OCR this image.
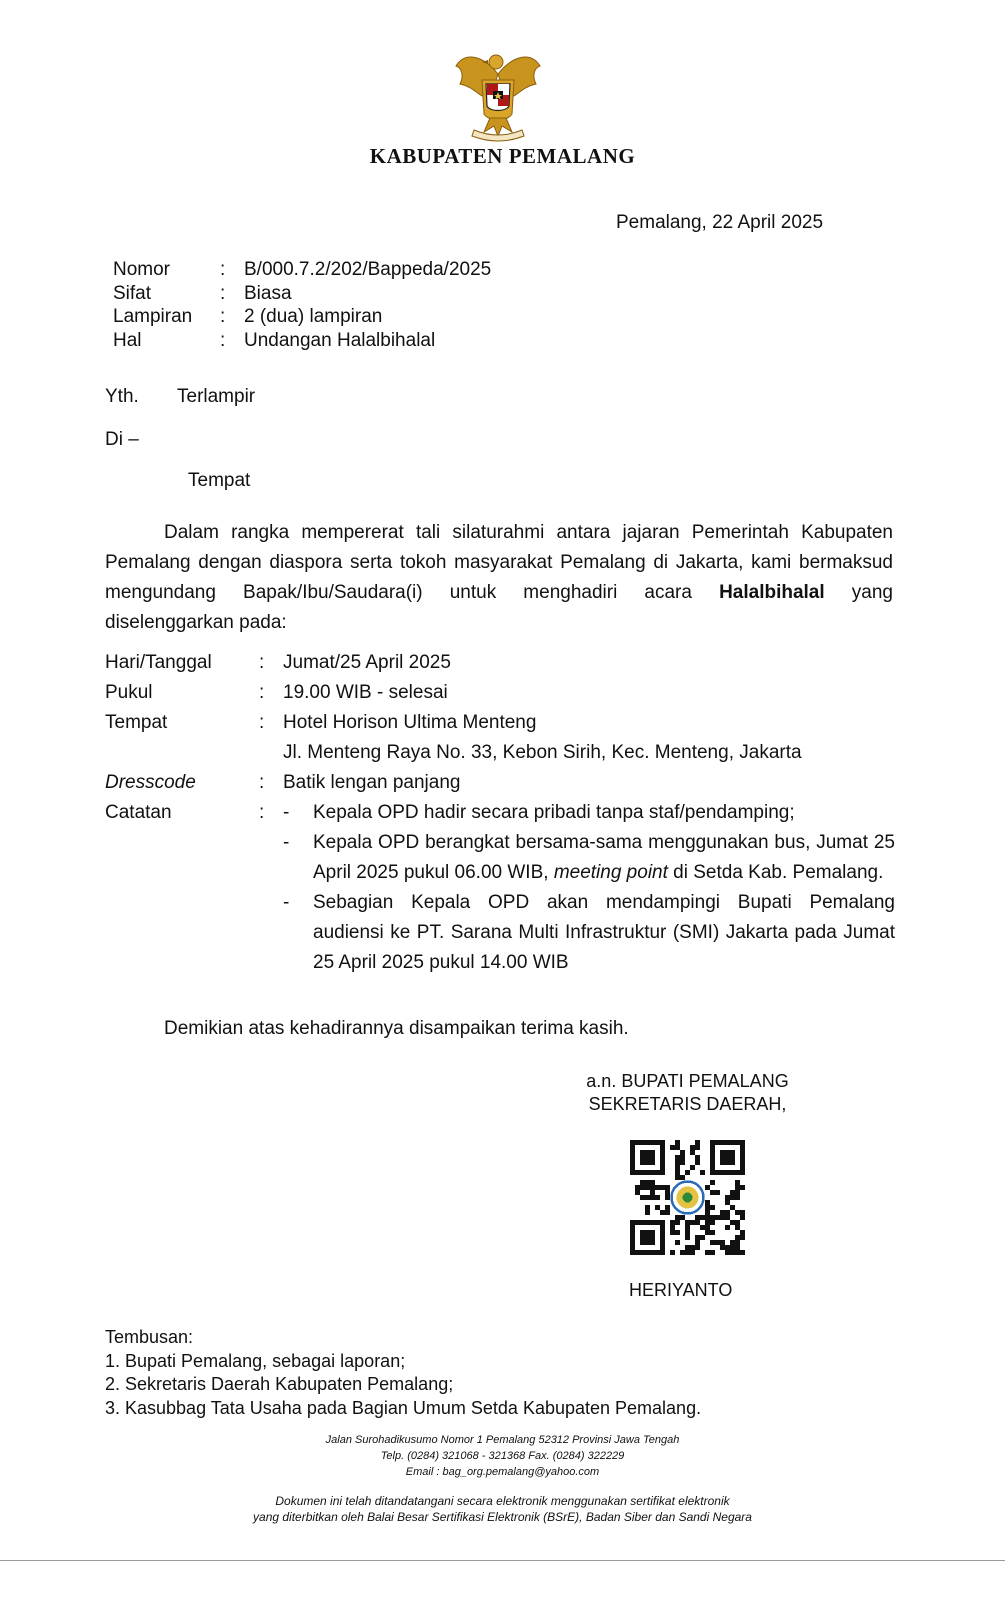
KABUPATEN PEMALANG
Pemalang, 22 April 2025
Nomor	: B/000.7.2/202/Bappeda/2025
Sifat	: Biasa
Lampiran	: 2 (dua) lampiran
Hal	: Undangan Halalbihalal
Yth. Terlampir
Di –
Tempat
Dalam rangka mempererat tali silaturahmi antara jajaran Pemerintah Kabupaten Pemalang dengan diaspora serta tokoh masyarakat Pemalang di Jakarta, kami bermaksud mengundang Bapak/Ibu/Saudara(i) untuk menghadiri acara Halalbihalal yang diselenggarkan pada:
Hari/Tanggal	: Jumat/25 April 2025
Pukul	: 19.00 WIB - selesai
Tempat	: Hotel Horison Ultima Menteng
Jl. Menteng Raya No. 33, Kebon Sirih, Kec. Menteng, Jakarta
Dresscode	: Batik lengan panjang
Catatan	: -	Kepala OPD hadir secara pribadi tanpa staf/pendamping;
-	Kepala OPD berangkat bersama-sama menggunakan bus, Jumat 25 April 2025 pukul 06.00 WIB, meeting point di Setda Kab. Pemalang.
-	Sebagian Kepala OPD akan mendampingi Bupati Pemalang audiensi ke PT. Sarana Multi Infrastruktur (SMI) Jakarta pada Jumat 25 April 2025 pukul 14.00 WIB
Demikian atas kehadirannya disampaikan terima kasih.
a.n. BUPATI PEMALANG
SEKRETARIS DAERAH,
HERIYANTO
Tembusan:
1. Bupati Pemalang, sebagai laporan;
2. Sekretaris Daerah Kabupaten Pemalang;
3. Kasubbag Tata Usaha pada Bagian Umum Setda Kabupaten Pemalang.
Jalan Surohadikusumo Nomor 1 Pemalang 52312 Provinsi Jawa Tengah
Telp. (0284) 321068 - 321368 Fax. (0284) 322229
Email : bag_org.pemalang@yahoo.com
Dokumen ini telah ditandatangani secara elektronik menggunakan sertifikat elektronik
yang diterbitkan oleh Balai Besar Sertifikasi Elektronik (BSrE), Badan Siber dan Sandi Negara
